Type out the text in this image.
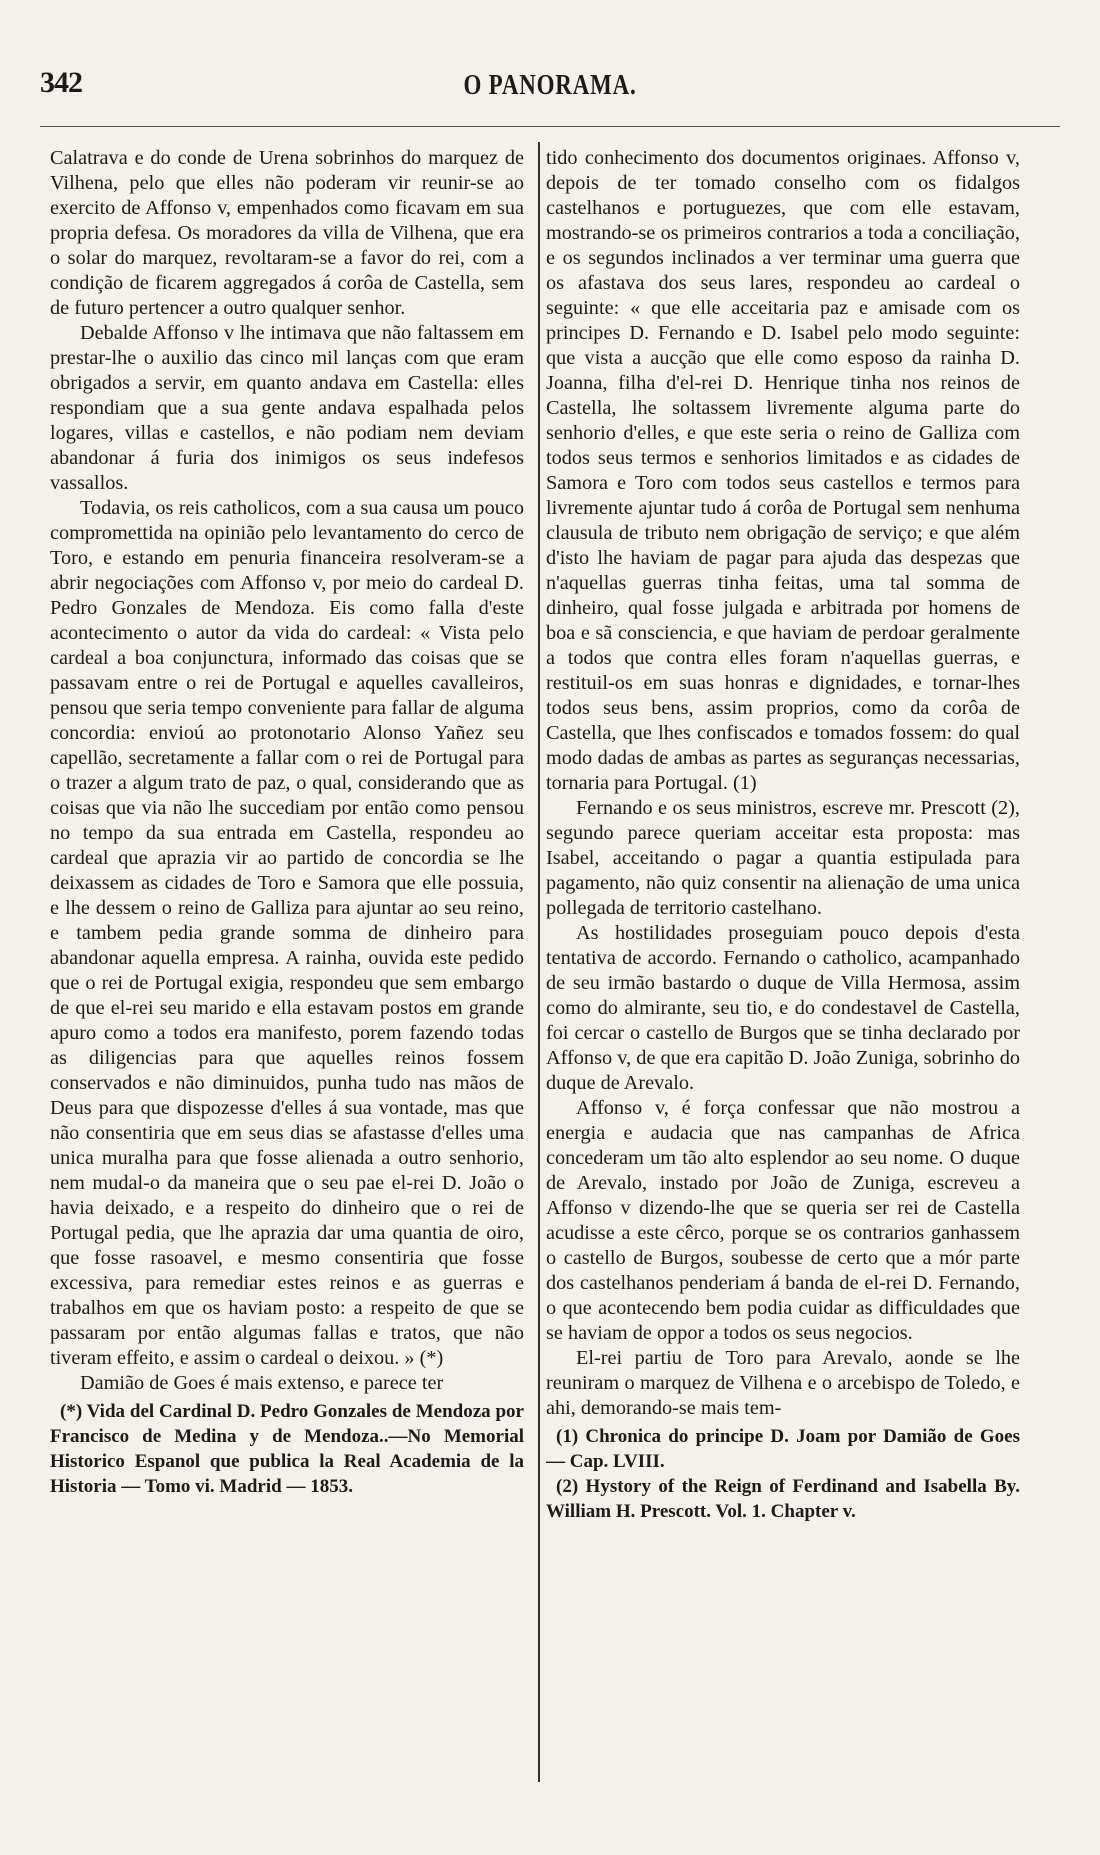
342	O PANORAMA.

Calatrava e do conde de Urena sobrinhos do marquez de Vilhena, pelo que elles não poderam vir reunir-se ao exercito de Affonso v, empenhados como ficavam em sua propria defesa. Os moradores da villa de Vilhena, que era o solar do marquez, revoltaram-se a favor do rei, com a condição de ficarem aggregados á corôa de Castella, sem de futuro pertencer a outro qualquer senhor.

Debalde Affonso v lhe intimava que não faltassem em prestar-lhe o auxilio das cinco mil lanças com que eram obrigados a servir, em quanto andava em Castella: elles respondiam que a sua gente andava espalhada pelos logares, villas e castellos, e não podiam nem deviam abandonar á furia dos inimigos os seus indefesos vassallos.

Todavia, os reis catholicos, com a sua causa um pouco compromettida na opinião pelo levantamento do cerco de Toro, e estando em penuria financeira resolveram-se a abrir negociações com Affonso v, por meio do cardeal D. Pedro Gonzales de Mendoza. Eis como falla d'este acontecimento o autor da vida do cardeal: « Vista pelo cardeal a boa conjunctura, informado das coisas que se passavam entre o rei de Portugal e aquelles cavalleiros, pensou que seria tempo conveniente para fallar de alguma concordia: envioú ao protonotario Alonso Yañez seu capellão, secretamente a fallar com o rei de Portugal para o trazer a algum trato de paz, o qual, considerando que as coisas que via não lhe succediam por então como pensou no tempo da sua entrada em Castella, respondeu ao cardeal que aprazia vir ao partido de concordia se lhe deixassem as cidades de Toro e Samora que elle possuia, e lhe dessem o reino de Galliza para ajuntar ao seu reino, e tambem pedia grande somma de dinheiro para abandonar aquella empresa. A rainha, ouvida este pedido que o rei de Portugal exigia, respondeu que sem embargo de que el-rei seu marido e ella estavam postos em grande apuro como a todos era manifesto, porem fazendo todas as diligencias para que aquelles reinos fossem conservados e não diminuidos, punha tudo nas mãos de Deus para que dispozesse d'elles á sua vontade, mas que não consentiria que em seus dias se afastasse d'elles uma unica muralha para que fosse alienada a outro senhorio, nem mudal-o da maneira que o seu pae el-rei D. João o havia deixado, e a respeito do dinheiro que o rei de Portugal pedia, que lhe aprazia dar uma quantia de oiro, que fosse rasoavel, e mesmo consentiria que fosse excessiva, para remediar estes reinos e as guerras e trabalhos em que os haviam posto: a respeito de que se passaram por então algumas fallas e tratos, que não tiveram effeito, e assim o cardeal o deixou. » (*)

Damião de Goes é mais extenso, e parece ter

(*) Vida del Cardinal D. Pedro Gonzales de Mendoza por Francisco de Medina y de Mendoza..—No Memorial Historico Espanol que publica la Real Academia de la Historia — Tomo vi. Madrid — 1853.

tido conhecimento dos documentos originaes. Affonso v, depois de ter tomado conselho com os fidalgos castelhanos e portuguezes, que com elle estavam, mostrando-se os primeiros contrarios a toda a conciliação, e os segundos inclinados a ver terminar uma guerra que os afastava dos seus lares, respondeu ao cardeal o seguinte: « que elle acceitaria paz e amisade com os principes D. Fernando e D. Isabel pelo modo seguinte: que vista a aucção que elle como esposo da rainha D. Joanna, filha d'el-rei D. Henrique tinha nos reinos de Castella, lhe soltassem livremente alguma parte do senhorio d'elles, e que este seria o reino de Galliza com todos seus termos e senhorios limitados e as cidades de Samora e Toro com todos seus castellos e termos para livremente ajuntar tudo á corôa de Portugal sem nenhuma clausula de tributo nem obrigação de serviço; e que além d'isto lhe haviam de pagar para ajuda das despezas que n'aquellas guerras tinha feitas, uma tal somma de dinheiro, qual fosse julgada e arbitrada por homens de boa e sã consciencia, e que haviam de perdoar geralmente a todos que contra elles foram n'aquellas guerras, e restituil-os em suas honras e dignidades, e tornar-lhes todos seus bens, assim proprios, como da corôa de Castella, que lhes confiscados e tomados fossem: do qual modo dadas de ambas as partes as seguranças necessarias, tornaria para Portugal. (1)

Fernando e os seus ministros, escreve mr. Prescott (2), segundo parece queriam acceitar esta proposta: mas Isabel, acceitando o pagar a quantia estipulada para pagamento, não quiz consentir na alienação de uma unica pollegada de territorio castelhano.

As hostilidades proseguiam pouco depois d'esta tentativa de accordo. Fernando o catholico, acampanhado de seu irmão bastardo o duque de Villa Hermosa, assim como do almirante, seu tio, e do condestavel de Castella, foi cercar o castello de Burgos que se tinha declarado por Affonso v, de que era capitão D. João Zuniga, sobrinho do duque de Arevalo.

Affonso v, é força confessar que não mostrou a energia e audacia que nas campanhas de Africa concederam um tão alto esplendor ao seu nome. O duque de Arevalo, instado por João de Zuniga, escreveu a Affonso v dizendo-lhe que se queria ser rei de Castella acudisse a este cêrco, porque se os contrarios ganhassem o castello de Burgos, soubesse de certo que a mór parte dos castelhanos penderiam á banda de el-rei D. Fernando, o que acontecendo bem podia cuidar as difficuldades que se haviam de oppor a todos os seus negocios.

El-rei partiu de Toro para Arevalo, aonde se lhe reuniram o marquez de Vilhena e o arcebispo de Toledo, e ahi, demorando-se mais tem-

(1) Chronica do principe D. Joam por Damião de Goes — Cap. LVIII.

(2) Hystory of the Reign of Ferdinand and Isabella By. William H. Prescott. Vol. 1. Chapter v.
